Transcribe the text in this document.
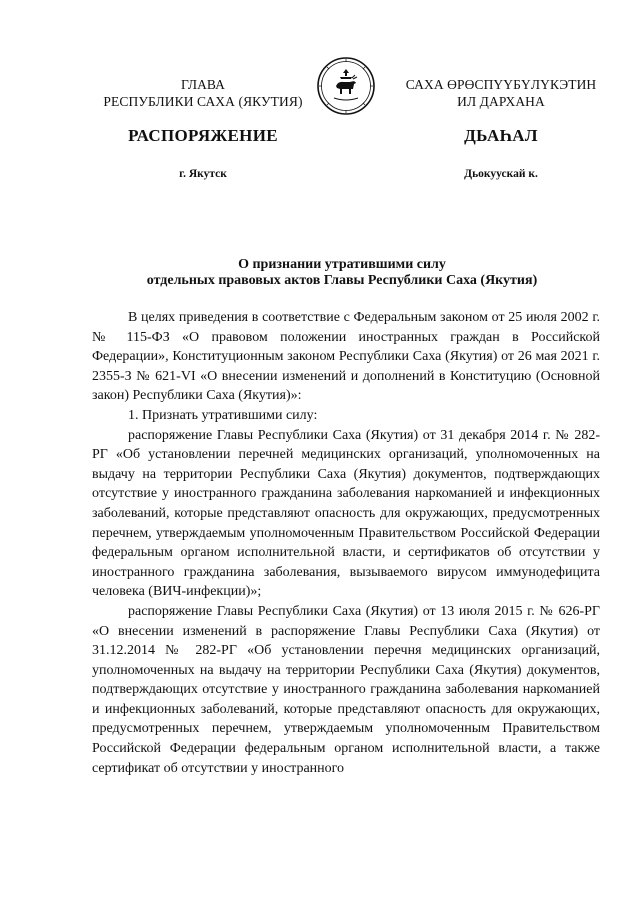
ГЛАВА
РЕСПУБЛИКИ САХА (ЯКУТИЯ)
САХА ӨРӨСПҮҮБҮЛҮКЭТИН
ИЛ ДАРХАНА
РАСПОРЯЖЕНИЕ	ДЬАҺАЛ
г. Якутск	Дьокуускай к.
О признании утратившими силу
отдельных правовых актов Главы Республики Саха (Якутия)

В целях приведения в соответствие с Федеральным законом от 25 июля 2002 г. № 115-ФЗ «О правовом положении иностранных граждан в Российской Федерации», Конституционным законом Республики Саха (Якутия) от 26 мая 2021 г. 2355-З № 621-VI «О внесении изменений и дополнений в Конституцию (Основной закон) Республики Саха (Якутия)»:

1. Признать утратившими силу:

распоряжение Главы Республики Саха (Якутия) от 31 декабря 2014 г. № 282-РГ «Об установлении перечней медицинских организаций, уполномоченных на выдачу на территории Республики Саха (Якутия) документов, подтверждающих отсутствие у иностранного гражданина заболевания наркоманией и инфекционных заболеваний, которые представляют опасность для окружающих, предусмотренных перечнем, утверждаемым уполномоченным Правительством Российской Федерации федеральным органом исполнительной власти, и сертификатов об отсутствии у иностранного гражданина заболевания, вызываемого вирусом иммунодефицита человека (ВИЧ-инфекции)»;

распоряжение Главы Республики Саха (Якутия) от 13 июля 2015 г. № 626-РГ «О внесении изменений в распоряжение Главы Республики Саха (Якутия) от 31.12.2014 № 282-РГ «Об установлении перечня медицинских организаций, уполномоченных на выдачу на территории Республики Саха (Якутия) документов, подтверждающих отсутствие у иностранного гражданина заболевания наркоманией и инфекционных заболеваний, которые представляют опасность для окружающих, предусмотренных перечнем, утверждаемым уполномоченным Правительством Российской Федерации федеральным органом исполнительной власти, а также сертификат об отсутствии у иностранного
